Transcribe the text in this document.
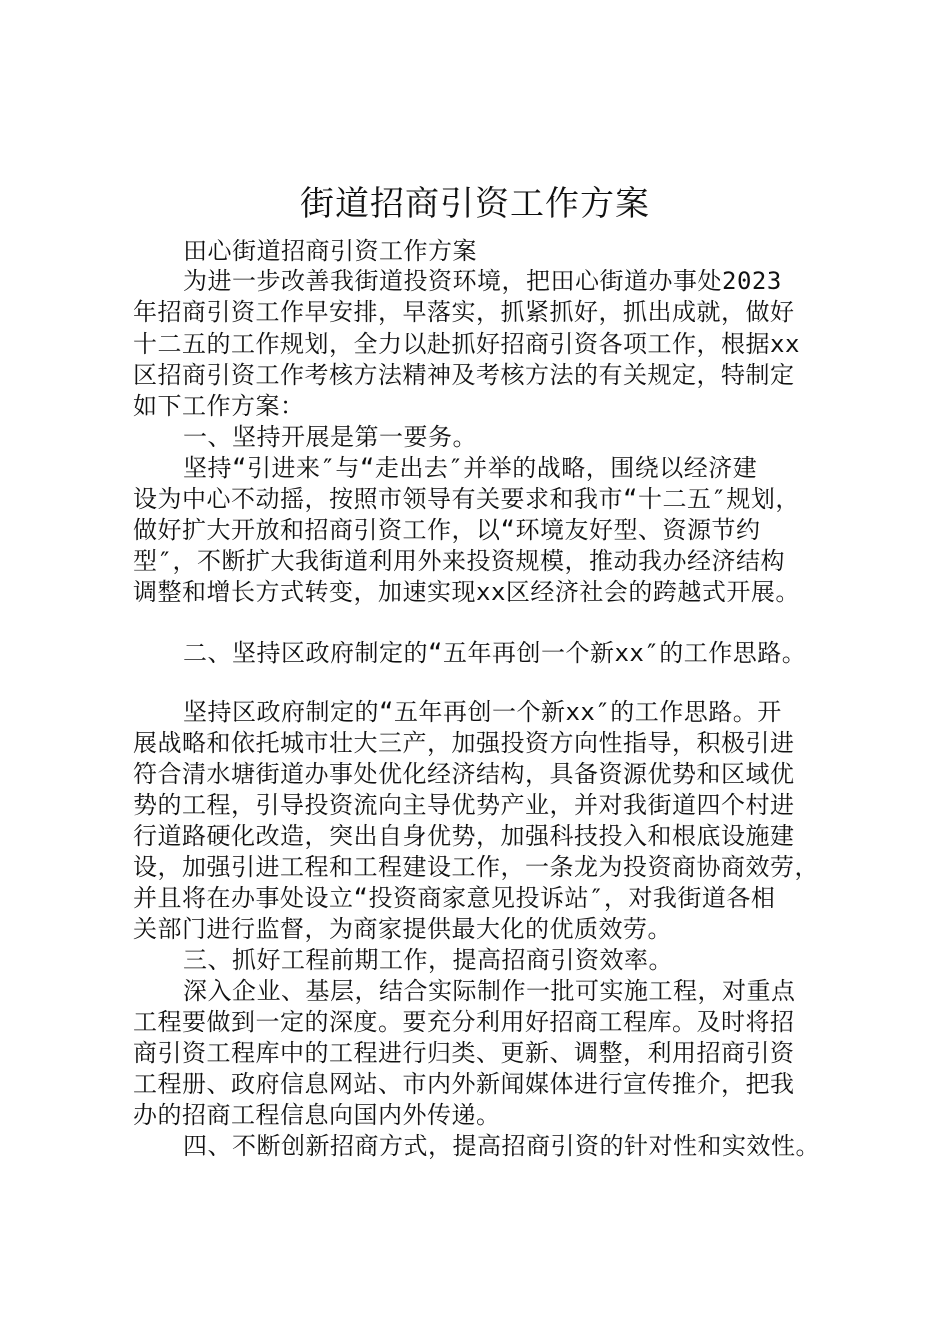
街道招商引资工作方案
田心街道招商引资工作方案
为进一步改善我街道投资环境，把田心街道办事处2023
年招商引资工作早安排，早落实，抓紧抓好，抓出成就，做好
十二五的工作规划，全力以赴抓好招商引资各项工作，根据xx
区招商引资工作考核方法精神及考核方法的有关规定，特制定
如下工作方案：
一、坚持开展是第一要务。
坚持“引进来″与“走出去″并举的战略，围绕以经济建
设为中心不动摇，按照市领导有关要求和我市“十二五″规划，
做好扩大开放和招商引资工作，以“环境友好型、资源节约
型″，不断扩大我街道利用外来投资规模，推动我办经济结构
调整和增长方式转变，加速实现xx区经济社会的跨越式开展。
二、坚持区政府制定的“五年再创一个新xx″的工作思路。
坚持区政府制定的“五年再创一个新xx″的工作思路。开
展战略和依托城市壮大三产，加强投资方向性指导，积极引进
符合清水塘街道办事处优化经济结构，具备资源优势和区域优
势的工程，引导投资流向主导优势产业，并对我街道四个村进
行道路硬化改造，突出自身优势，加强科技投入和根底设施建
设，加强引进工程和工程建设工作，一条龙为投资商协商效劳，
并且将在办事处设立“投资商家意见投诉站″，对我街道各相
关部门进行监督，为商家提供最大化的优质效劳。
三、抓好工程前期工作，提高招商引资效率。
深入企业、基层，结合实际制作一批可实施工程，对重点
工程要做到一定的深度。要充分利用好招商工程库。及时将招
商引资工程库中的工程进行归类、更新、调整，利用招商引资
工程册、政府信息网站、市内外新闻媒体进行宣传推介，把我
办的招商工程信息向国内外传递。
四、不断创新招商方式，提高招商引资的针对性和实效性。
